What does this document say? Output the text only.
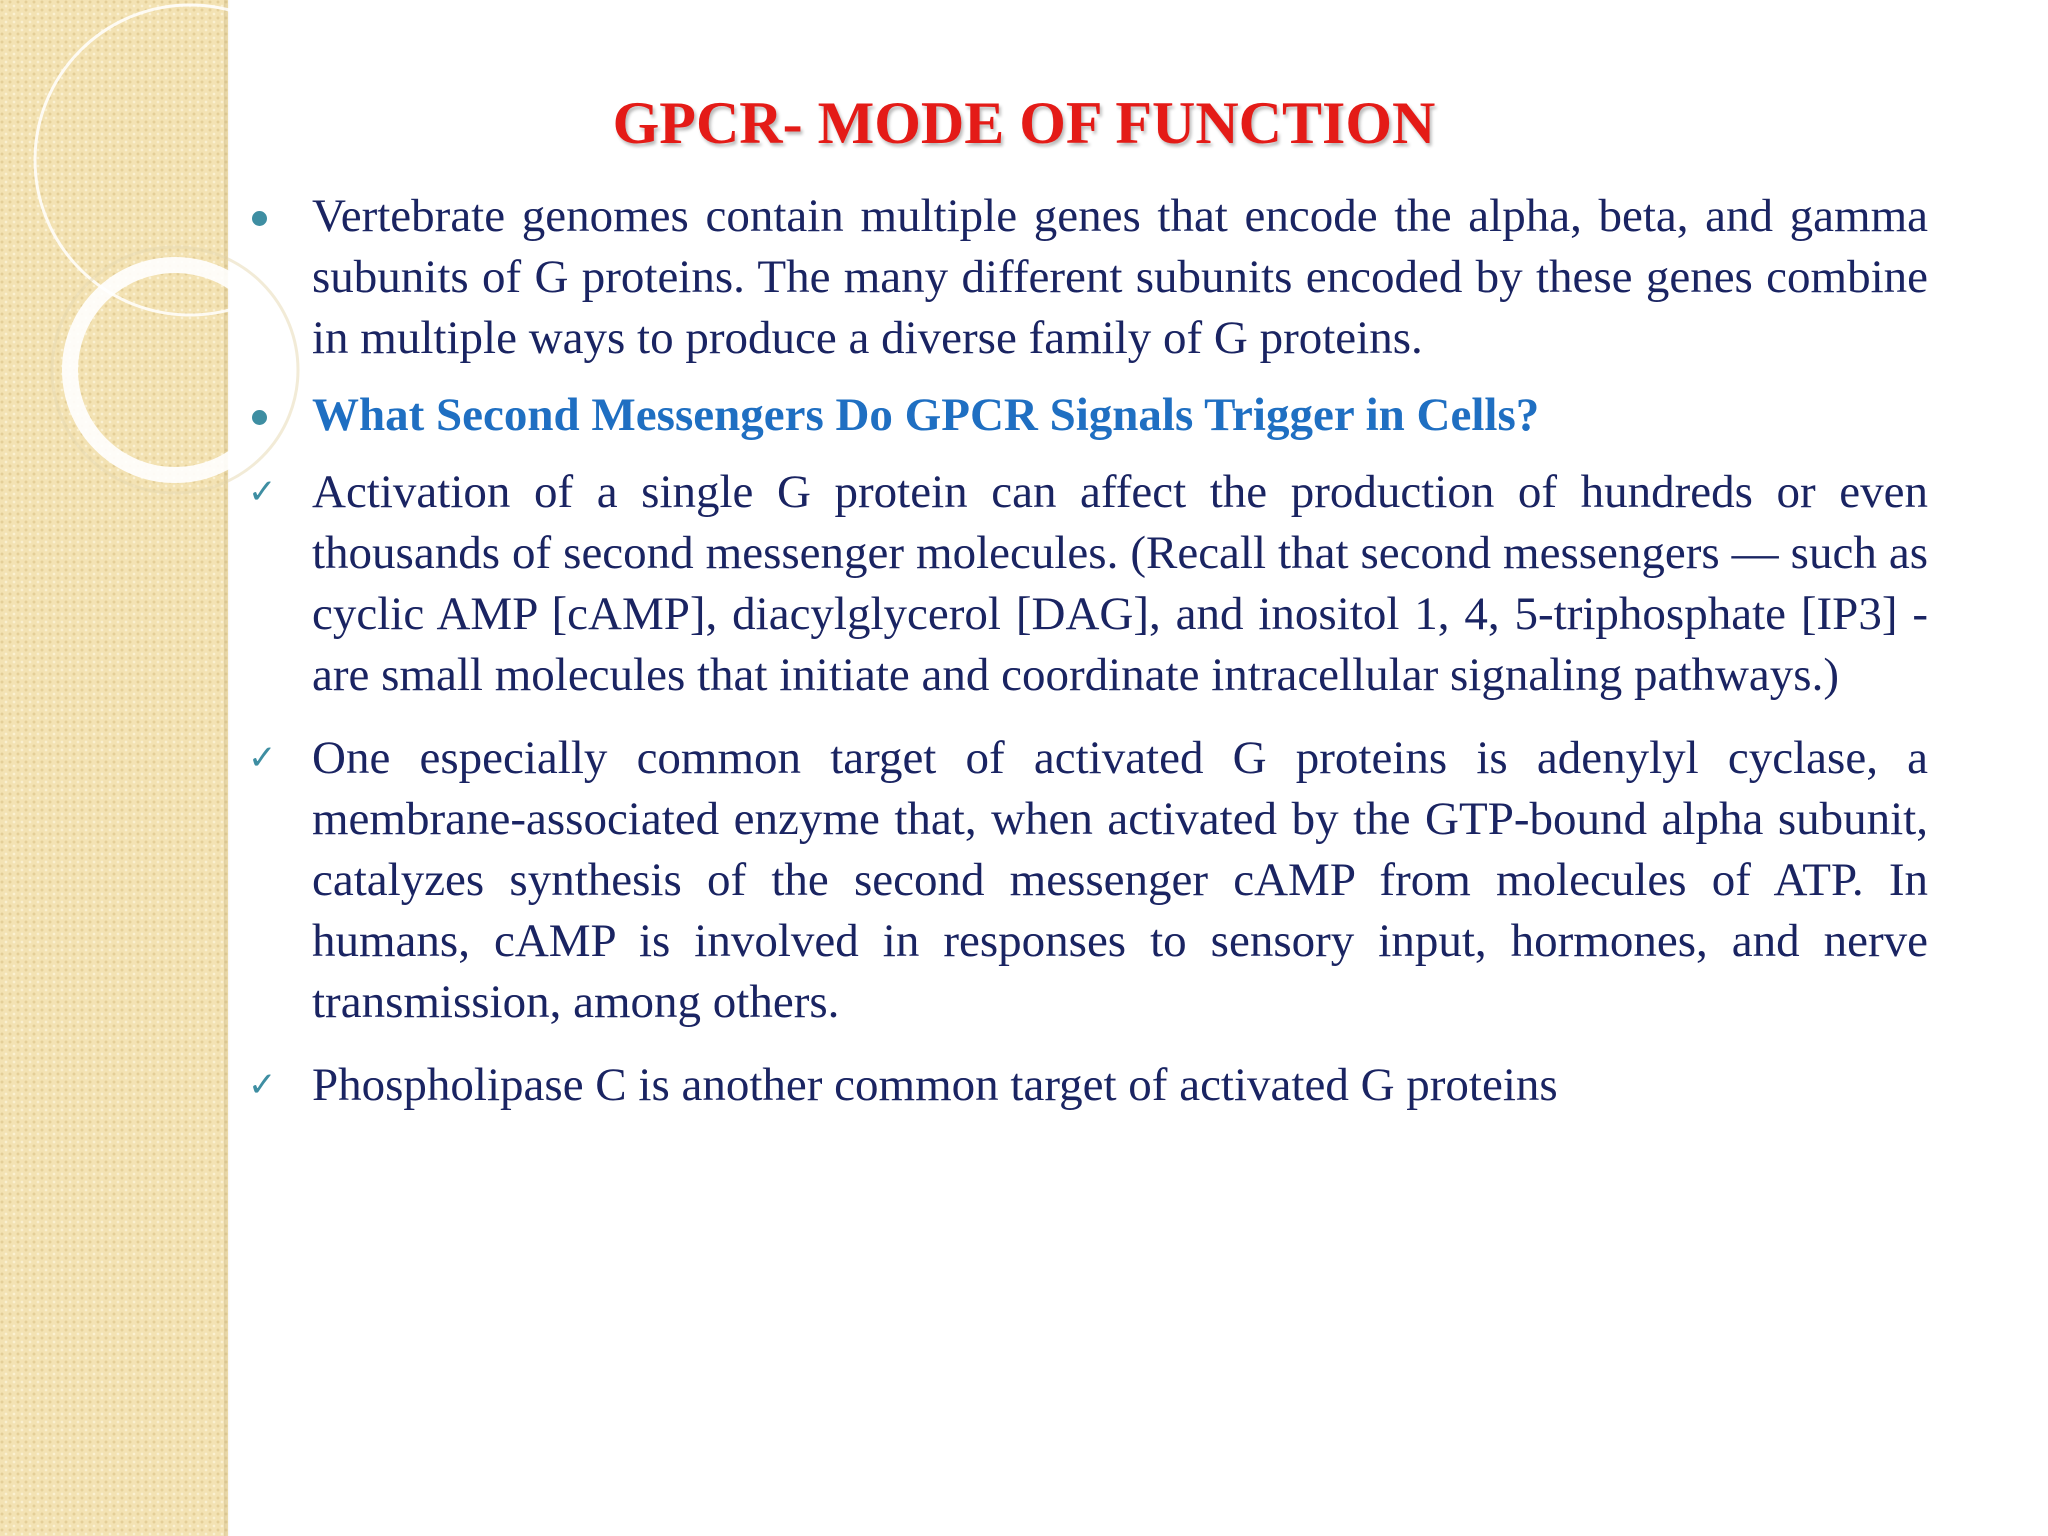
GPCR- MODE OF FUNCTION
Vertebrate genomes contain multiple genes that encode the alpha, beta, and gamma subunits of G proteins. The many different subunits encoded by these genes combine in multiple ways to produce a diverse family of G proteins.
What Second Messengers Do GPCR Signals Trigger in Cells?
✓ Activation of a single G protein can affect the production of hundreds or even thousands of second messenger molecules. (Recall that second messengers — such as cyclic AMP [cAMP], diacylglycerol [DAG], and inositol 1, 4, 5-triphosphate [IP3] - are small molecules that initiate and coordinate intracellular signaling pathways.)
✓ One especially common target of activated G proteins is adenylyl cyclase, a membrane-associated enzyme that, when activated by the GTP-bound alpha subunit, catalyzes synthesis of the second messenger cAMP from molecules of ATP. In humans, cAMP is involved in responses to sensory input, hormones, and nerve transmission, among others.
✓ Phospholipase C is another common target of activated G proteins
